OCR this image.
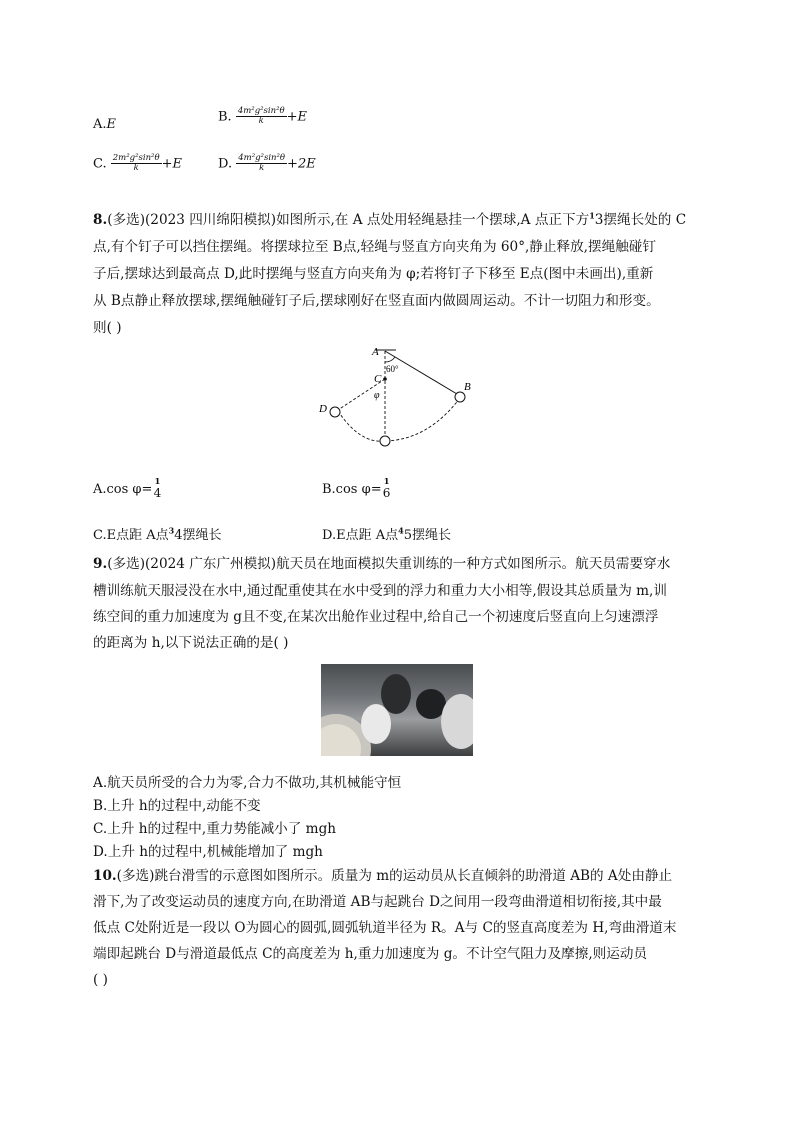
A.E
B. $\frac{\text{4m²g²sin²θ}}{k} +E$
C. $\frac{\text{2m²g²sin²θ}}{k} +E$	D. $\frac{\text{4m²g²sin²θ}}{k} +2E$
8.(多选)(2023 四川绵阳模拟)如图所示,在 A 点处用轻绳悬挂一个摆球,A 点正下方$^1$3摆绳长处的 C
点,有个钉子可以挡住摆绳。将摆球拉至 B点,轻绳与竖直方向夹角为 60°,静止释放,摆绳触碰钉
子后,摆球达到最高点 D,此时摆绳与竖直方向夹角为 φ;若将钉子下移至 E点(图中未画出),重新
从 B点静止释放摆球,摆绳触碰钉子后,摆球刚好在竖直面内做圆周运动。不计一切阻力和形变。
则( )
A
B
C
D
60°
φ
A.cos φ= 1
4	B.cos φ= 1
6
C.E点距 A点$^3$4摆绳长	D.E点距 A点$^4$5摆绳长
9.(多选)(2024 广东广州模拟)航天员在地面模拟失重训练的一种方式如图所示。航天员需要穿水
槽训练航天服浸没在水中,通过配重使其在水中受到的浮力和重力大小相等,假设其总质量为 m,训
练空间的重力加速度为 g且不变,在某次出舱作业过程中,给自己一个初速度后竖直向上匀速漂浮
的距离为 h,以下说法正确的是( )
A.航天员所受的合力为零,合力不做功,其机械能守恒
B.上升 h的过程中,动能不变
C.上升 h的过程中,重力势能减小了 mgh
D.上升 h的过程中,机械能增加了 mgh
10.(多选)跳台滑雪的示意图如图所示。质量为 m的运动员从长直倾斜的助滑道 AB的 A处由静止
滑下,为了改变运动员的速度方向,在助滑道 AB与起跳台 D之间用一段弯曲滑道相切衔接,其中最
低点 C处附近是一段以 O为圆心的圆弧,圆弧轨道半径为 R。A与 C的竖直高度差为 H,弯曲滑道末
端即起跳台 D与滑道最低点 C的高度差为 h,重力加速度为 g。不计空气阻力及摩擦,则运动员
( )
